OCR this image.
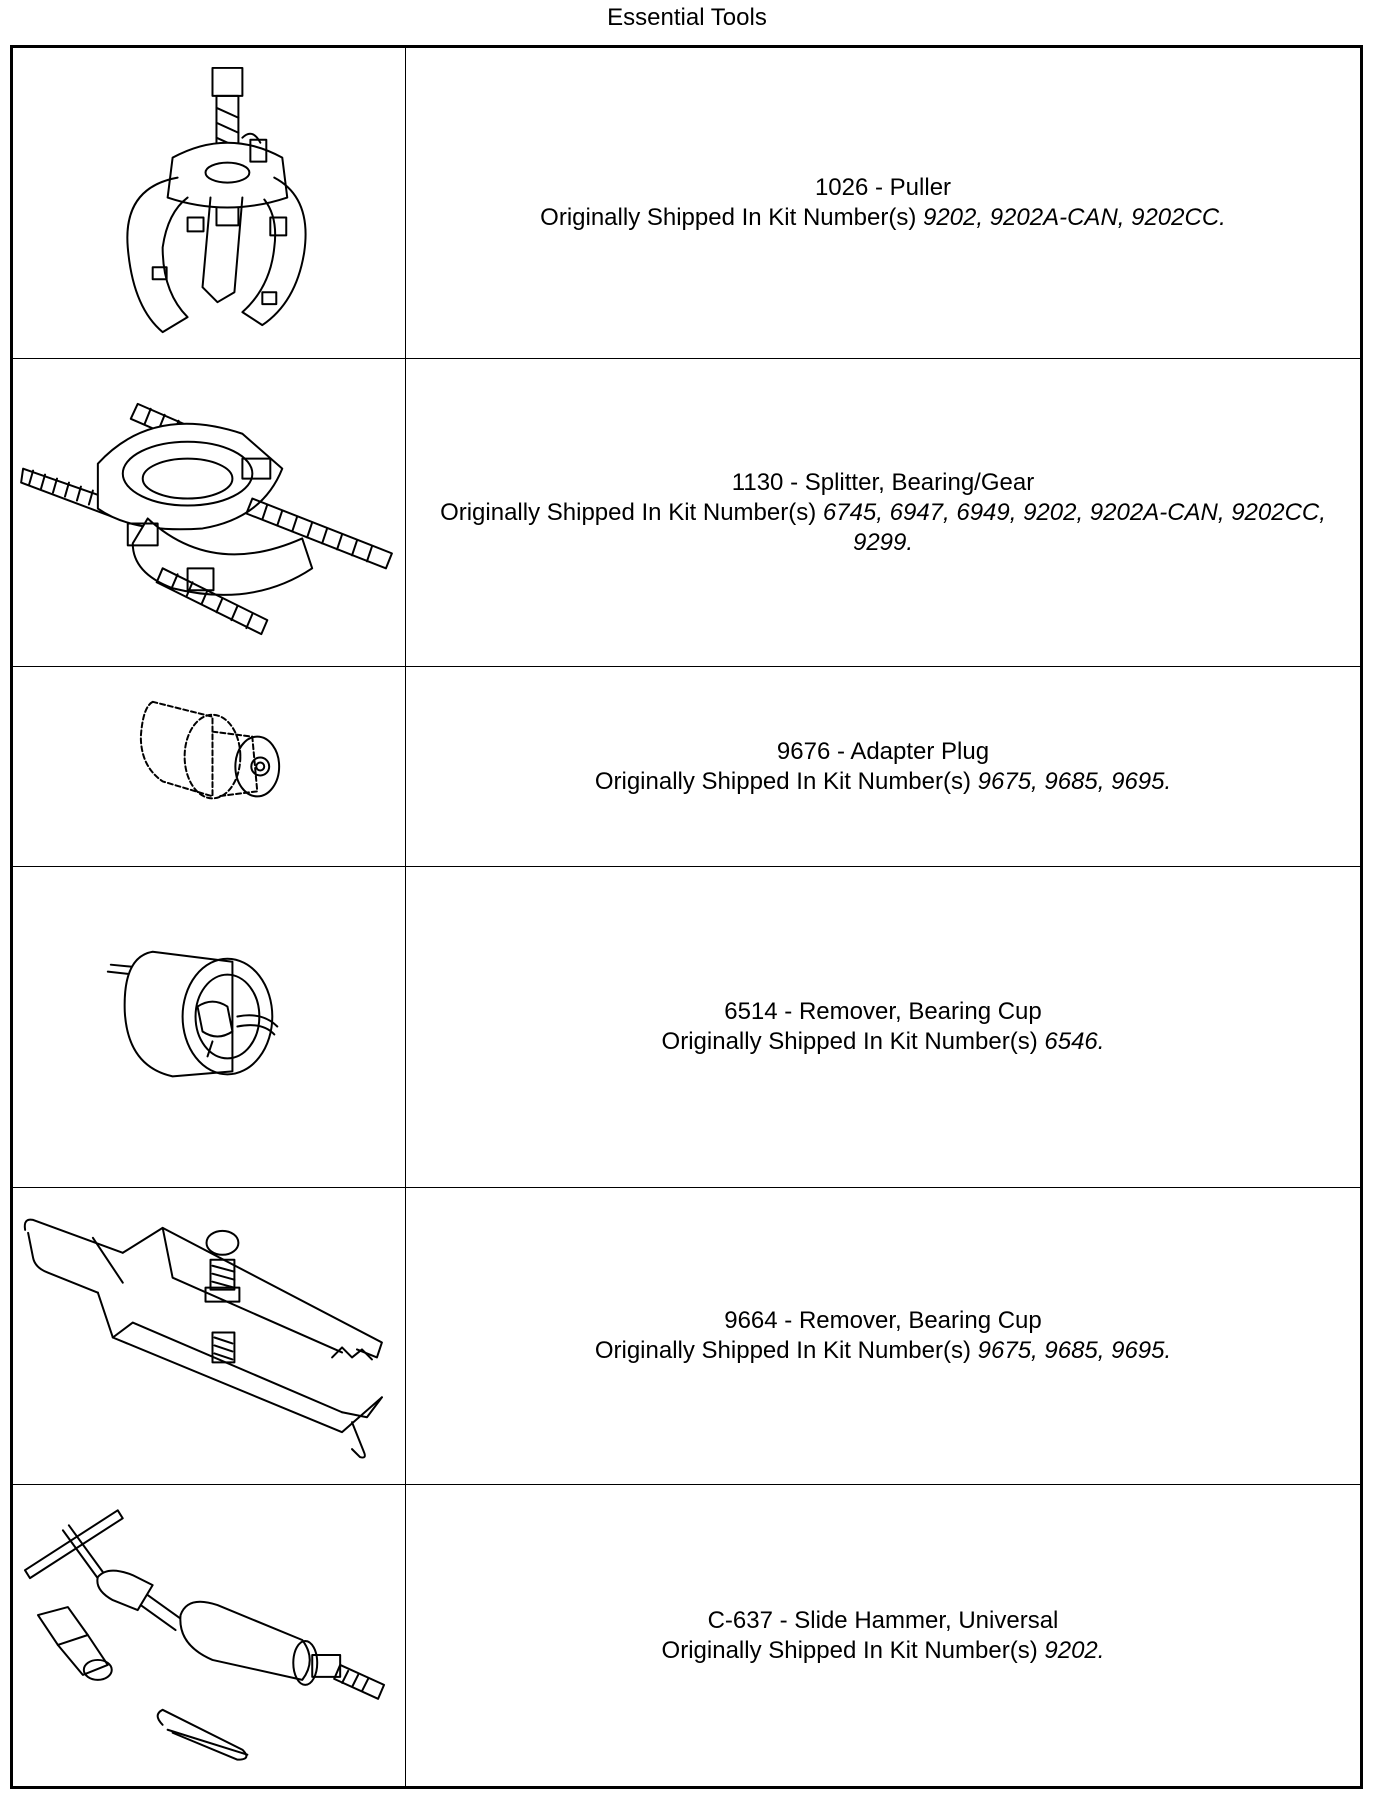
Essential Tools
1026 - Puller
Originally Shipped In Kit Number(s) 9202, 9202A-CAN, 9202CC.
1130 - Splitter, Bearing/Gear
Originally Shipped In Kit Number(s) 6745, 6947, 6949, 9202, 9202A-CAN, 9202CC, 9299.
9676 - Adapter Plug
Originally Shipped In Kit Number(s) 9675, 9685, 9695.
6514 - Remover, Bearing Cup
Originally Shipped In Kit Number(s) 6546.
9664 - Remover, Bearing Cup
Originally Shipped In Kit Number(s) 9675, 9685, 9695.
C-637 - Slide Hammer, Universal
Originally Shipped In Kit Number(s) 9202.
